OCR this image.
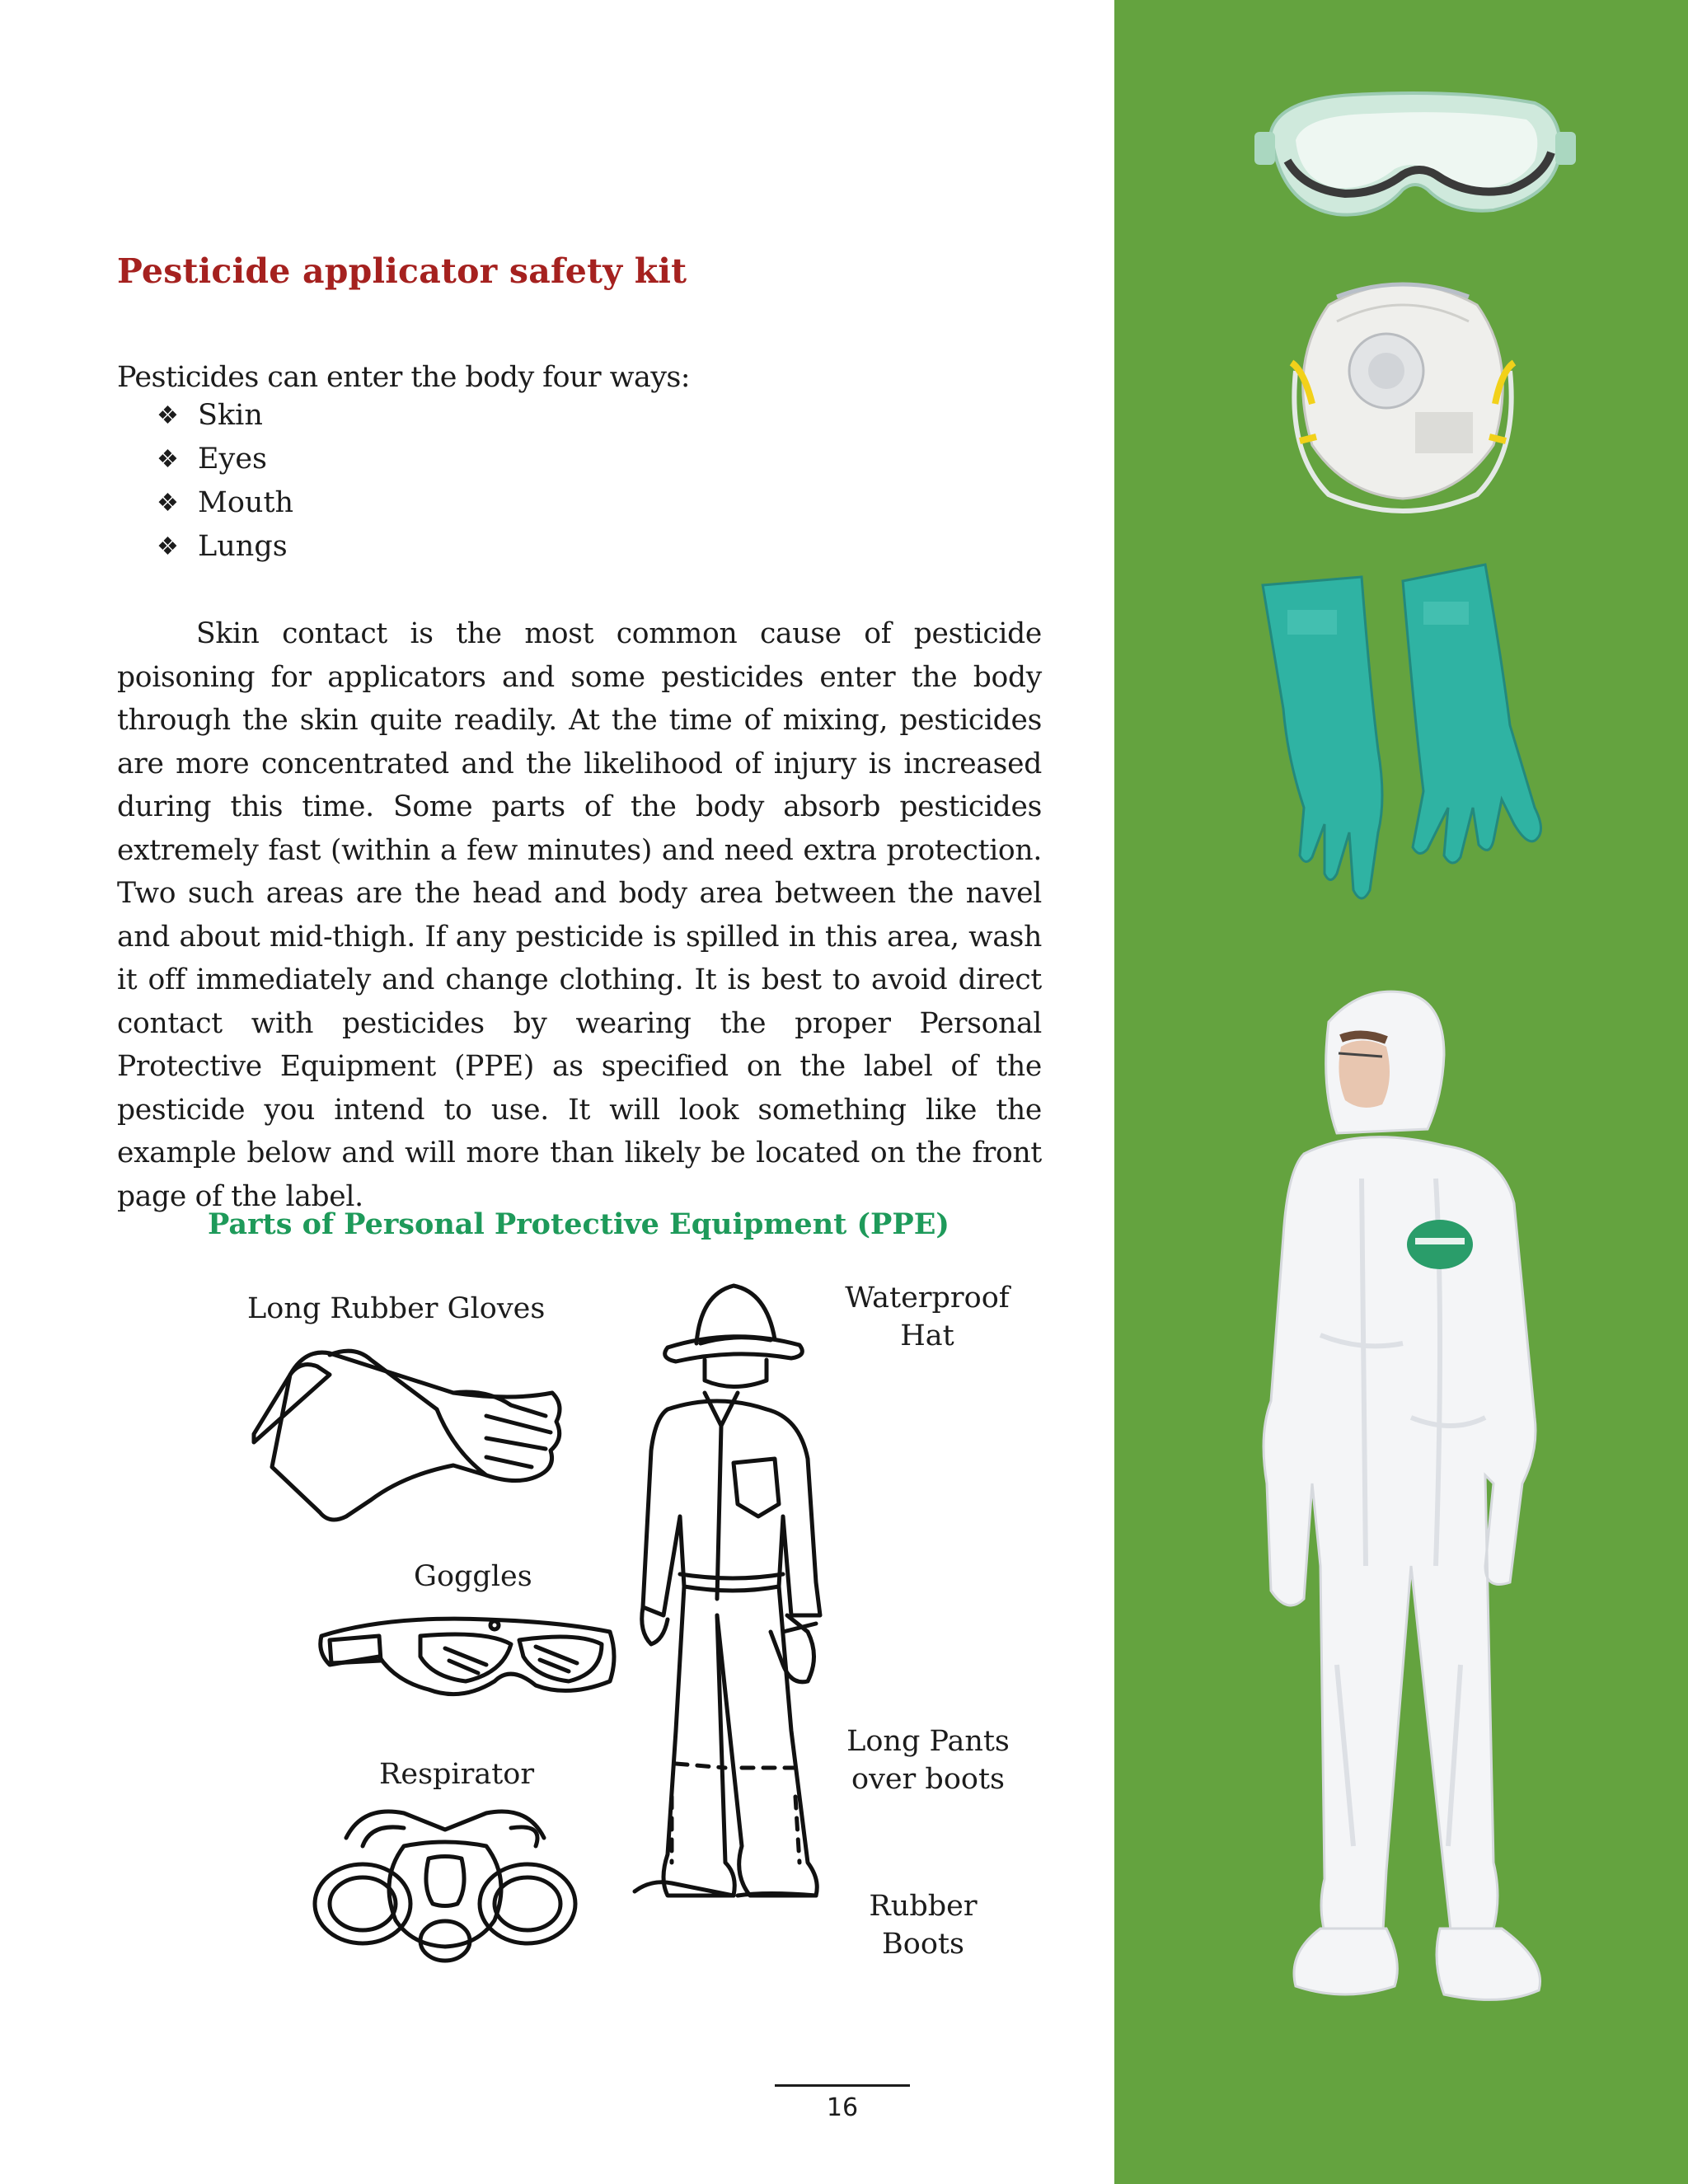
Pesticide applicator safety kit

Pesticides can enter the body four ways:

❖ Skin
❖ Eyes
❖ Mouth
❖ Lungs

Skin contact is the most common cause of pesticide poisoning for applicators and some pesticides enter the body through the skin quite readily. At the time of mixing, pesticides are more concentrated and the likelihood of injury is increased during this time. Some parts of the body absorb pesticides extremely fast (within a few minutes) and need extra protection. Two such areas are the head and body area between the navel and about mid-thigh. If any pesticide is spilled in this area, wash it off immediately and change clothing. It is best to avoid direct contact with pesticides by wearing the proper Personal Protective Equipment (PPE) as specified on the label of the pesticide you intend to use. It will look something like the example below and will more than likely be located on the front page of the label.

Parts of Personal Protective Equipment (PPE)
Long Rubber Gloves
Goggles
Respirator
Waterproof
Hat
Long Pants
over boots
Rubber
Boots
16
